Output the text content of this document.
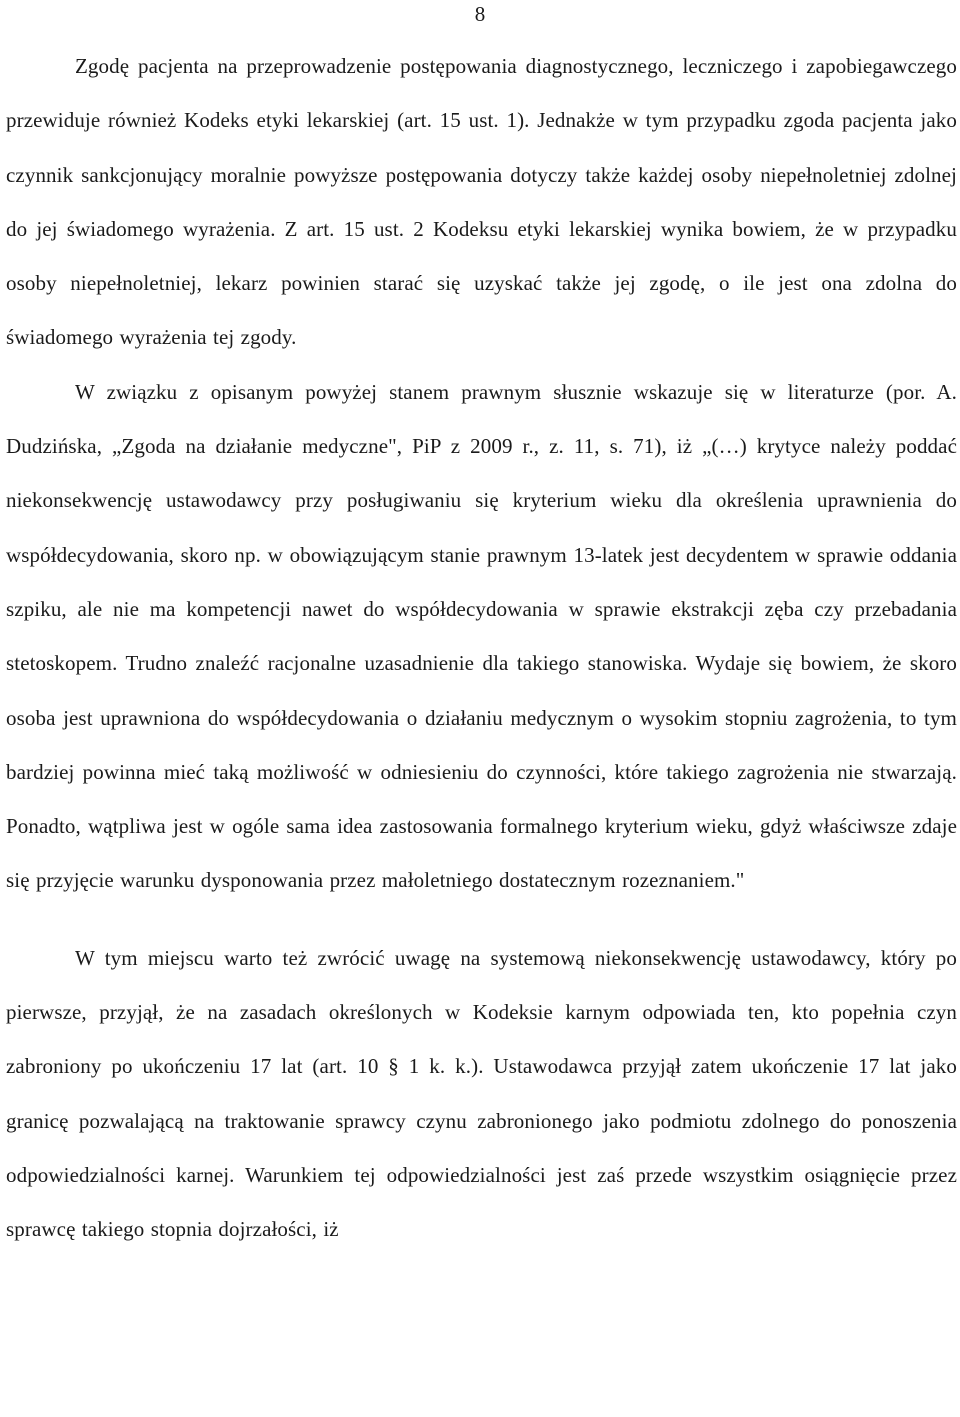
8

Zgodę pacjenta na przeprowadzenie postępowania diagnostycznego, leczniczego i zapobiegawczego przewiduje również Kodeks etyki lekarskiej (art. 15 ust. 1). Jednakże w tym przypadku zgoda pacjenta jako czynnik sankcjonujący moralnie powyższe postępowania dotyczy także każdej osoby niepełnoletniej zdolnej do jej świadomego wyrażenia. Z art. 15 ust. 2 Kodeksu etyki lekarskiej wynika bowiem, że w przypadku osoby niepełnoletniej, lekarz powinien starać się uzyskać także jej zgodę, o ile jest ona zdolna do świadomego wyrażenia tej zgody.

W związku z opisanym powyżej stanem prawnym słusznie wskazuje się w literaturze (por. A. Dudzińska, „Zgoda na działanie medyczne", PiP z 2009 r., z. 11, s. 71), iż „(…) krytyce należy poddać niekonsekwencję ustawodawcy przy posługiwaniu się kryterium wieku dla określenia uprawnienia do współdecydowania, skoro np. w obowiązującym stanie prawnym 13-latek jest decydentem w sprawie oddania szpiku, ale nie ma kompetencji nawet do współdecydowania w sprawie ekstrakcji zęba czy przebadania stetoskopem. Trudno znaleźć racjonalne uzasadnienie dla takiego stanowiska. Wydaje się bowiem, że skoro osoba jest uprawniona do współdecydowania o działaniu medycznym o wysokim stopniu zagrożenia, to tym bardziej powinna mieć taką możliwość w odniesieniu do czynności, które takiego zagrożenia nie stwarzają. Ponadto, wątpliwa jest w ogóle sama idea zastosowania formalnego kryterium wieku, gdyż właściwsze zdaje się przyjęcie warunku dysponowania przez małoletniego dostatecznym rozeznaniem."

W tym miejscu warto też zwrócić uwagę na systemową niekonsekwencję ustawodawcy, który po pierwsze, przyjął, że na zasadach określonych w Kodeksie karnym odpowiada ten, kto popełnia czyn zabroniony po ukończeniu 17 lat (art. 10 § 1 k. k.). Ustawodawca przyjął zatem ukończenie 17 lat jako granicę pozwalającą na traktowanie sprawcy czynu zabronionego jako podmiotu zdolnego do ponoszenia odpowiedzialności karnej. Warunkiem tej odpowiedzialności jest zaś przede wszystkim osiągnięcie przez sprawcę takiego stopnia dojrzałości, iż
